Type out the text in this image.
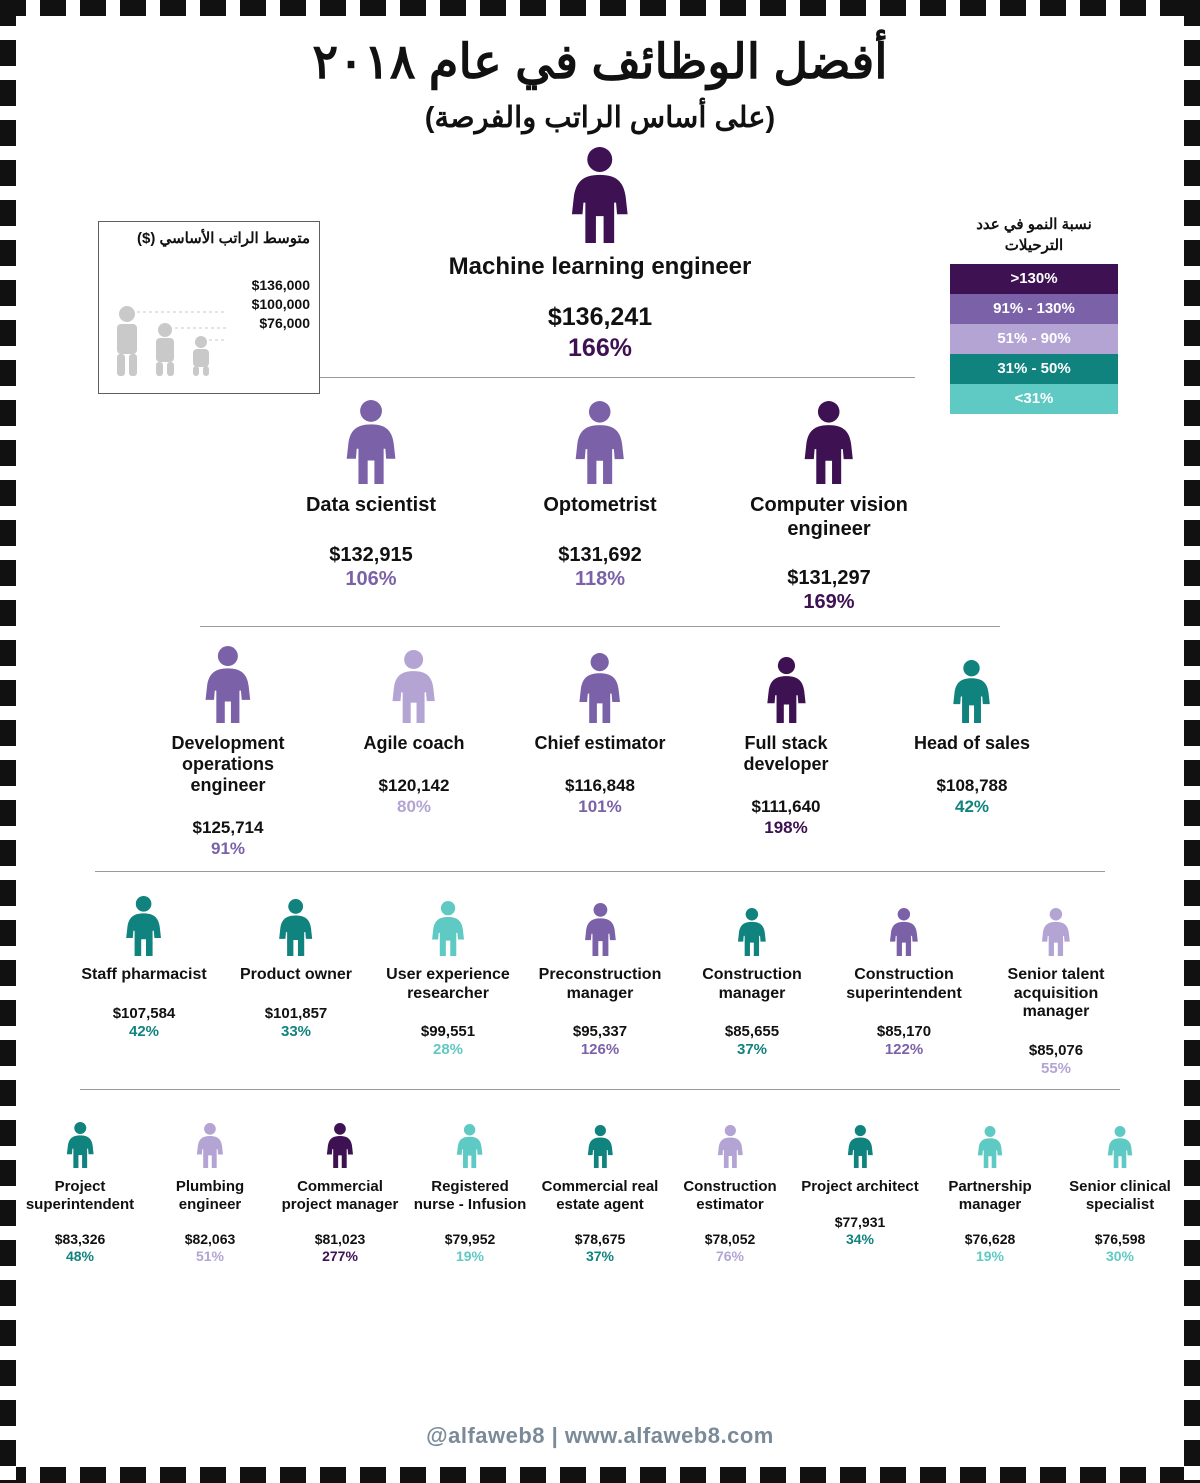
أفضل الوظائف في عام ٢٠١٨
(على أساس الراتب والفرصة)
متوسط الراتب الأساسي ($)
$136,000
$100,000
$76,000
نسبة النمو في عدد الترحيلات
>130%
91% - 130%
51% - 90%
31% - 50%
<31%
Machine learning engineer
$136,241
166%
Data scientist
$132,915
106%
Optometrist
$131,692
118%
Computer vision engineer
$131,297
169%
Development operations engineer
$125,714
91%
Agile coach
$120,142
80%
Chief estimator
$116,848
101%
Full stack developer
$111,640
198%
Head of sales
$108,788
42%
Staff pharmacist
$107,584
42%
Product owner
$101,857
33%
User experience researcher
$99,551
28%
Preconstruction manager
$95,337
126%
Construction manager
$85,655
37%
Construction superintendent
$85,170
122%
Senior talent acquisition manager
$85,076
55%
Project superintendent
$83,326
48%
Plumbing engineer
$82,063
51%
Commercial project manager
$81,023
277%
Registered nurse - Infusion
$79,952
19%
Commercial real estate agent
$78,675
37%
Construction estimator
$78,052
76%
Project architect
$77,931
34%
Partnership manager
$76,628
19%
Senior clinical specialist
$76,598
30%
@alfaweb8 | www.alfaweb8.com
